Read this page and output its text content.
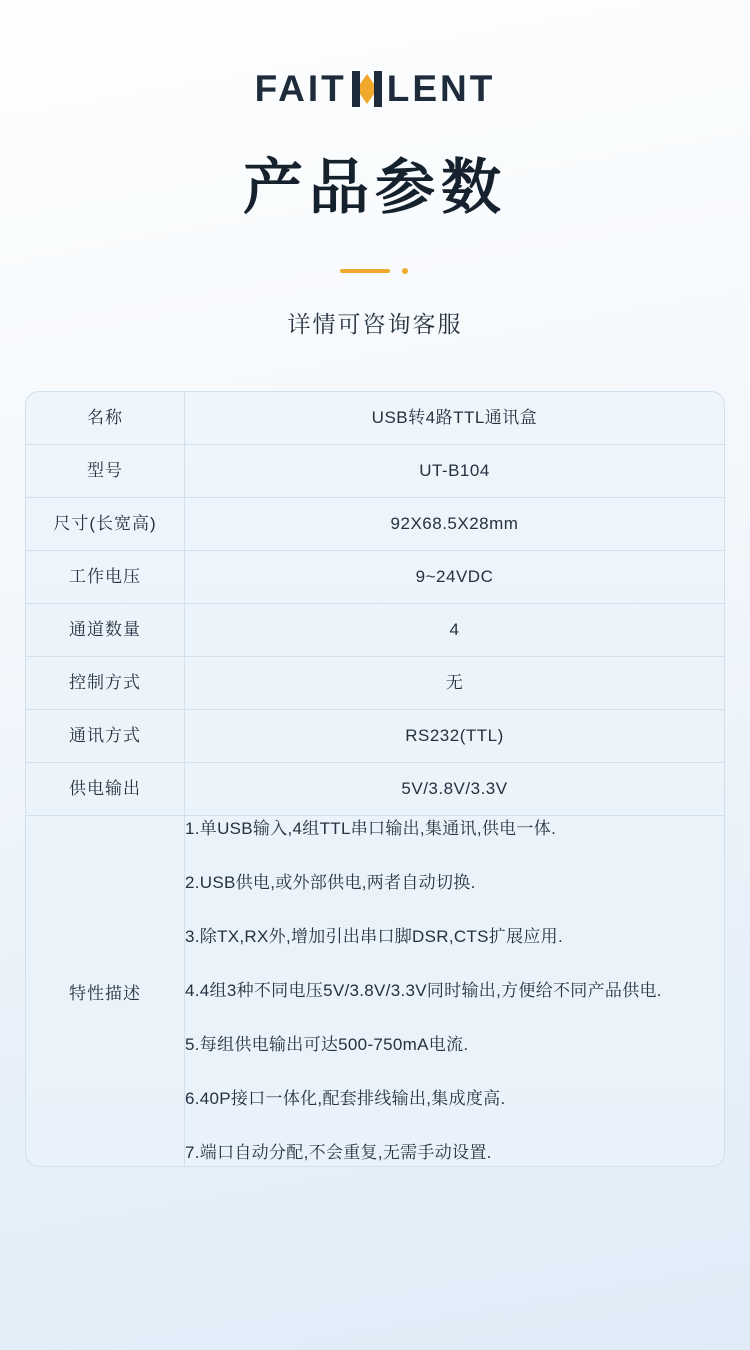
FAIT LENT
产品参数
详情可咨询客服
名称	USB转4路TTL通讯盒
型号	UT-B104
尺寸(长宽高)	92X68.5X28mm
工作电压	9~24VDC
通道数量	4
控制方式	无
通讯方式	RS232(TTL)
供电输出	5V/3.8V/3.3V
特性描述	
1.单USB输入,4组TTL串口输出,集通讯,供电一体.
2.USB供电,或外部供电,两者自动切换.
3.除TX,RX外,增加引出串口脚DSR,CTS扩展应用.
4.4组3种不同电压5V/3.8V/3.3V同时输出,方便给不同产品供电.
5.每组供电输出可达500-750mA电流.
6.40P接口一体化,配套排线输出,集成度高.
7.端口自动分配,不会重复,无需手动设置.
